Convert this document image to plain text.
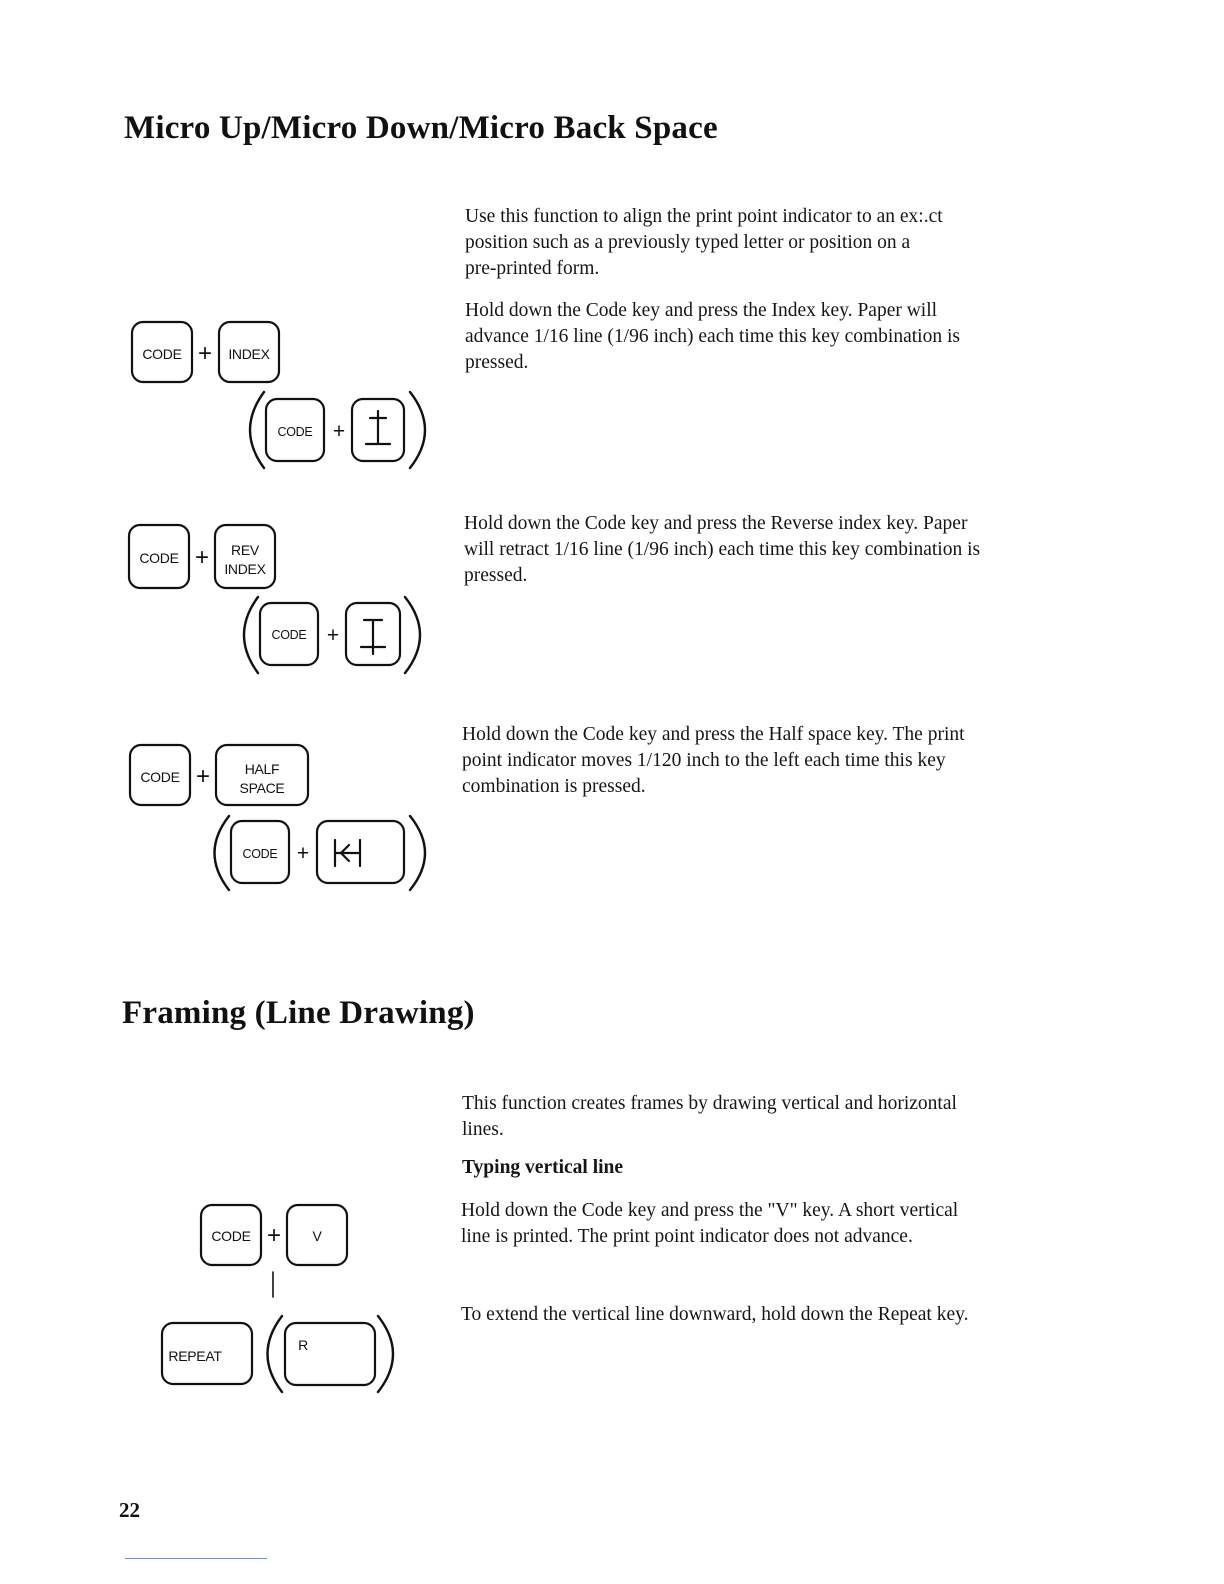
Micro Up/Micro Down/Micro Back Space
Use this function to align the print point indicator to an ex:.ct
position such as a previously typed letter or position on a
pre-printed form.
Hold down the Code key and press the Index key. Paper will
advance 1/16 line (1/96 inch) each time this key combination is
pressed.
Hold down the Code key and press the Reverse index key. Paper
will retract 1/16 line (1/96 inch) each time this key combination is
pressed.
Hold down the Code key and press the Half space key. The print
point indicator moves 1/120 inch to the left each time this key
combination is pressed.
Framing (Line Drawing)
This function creates frames by drawing vertical and horizontal
lines.
Typing vertical line
Hold down the Code key and press the "V" key. A short vertical
line is printed. The print point indicator does not advance.
To extend the vertical line downward, hold down the Repeat key.
CODE + INDEX
CODE +
CODE + REV
INDEX
CODE +
CODE + HALF
SPACE
CODE +
CODE + V
REPEAT
R
22
